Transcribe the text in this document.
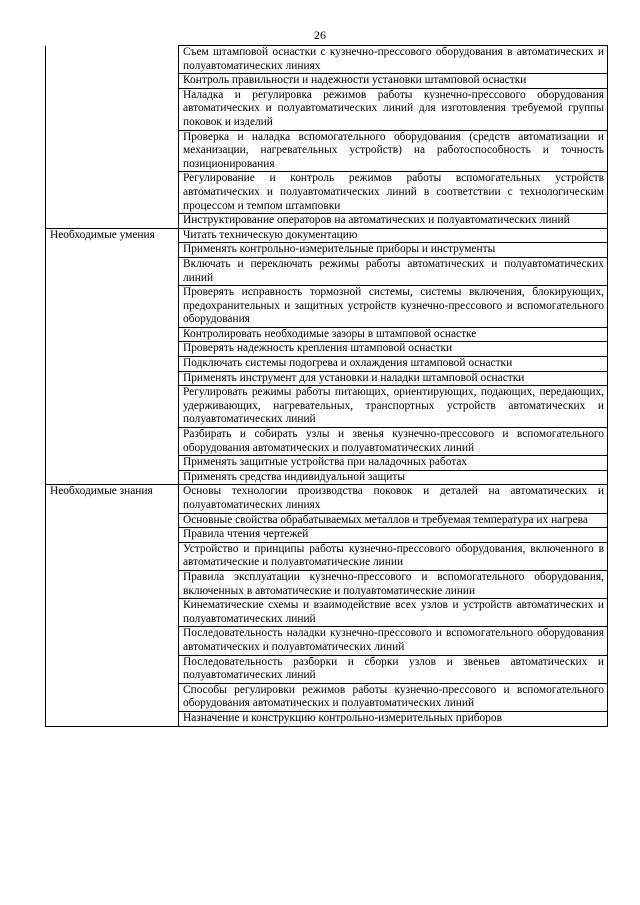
26
	Съем штамповой оснастки с кузнечно-прессового оборудования в автоматических и полуавтоматических линиях
	Контроль правильности и надежности установки штамповой оснастки
	Наладка и регулировка режимов работы кузнечно-прессового оборудования автоматических и полуавтоматических линий для изготовления требуемой группы поковок и изделий
	Проверка и наладка вспомогательного оборудования (средств автоматизации и механизации, нагревательных устройств) на работоспособность и точность позиционирования
	Регулирование и контроль режимов работы вспомогательных устройств автоматических и полуавтоматических линий в соответствии с технологическим процессом и темпом штамповки
	Инструктирование операторов на автоматических и полуавтоматических линий
Необходимые умения	Читать техническую документацию
	Применять контрольно-измерительные приборы и инструменты
	Включать и переключать режимы работы автоматических и полуавтоматических линий
	Проверять исправность тормозной системы, системы включения, блокирующих, предохранительных и защитных устройств кузнечно-прессового и вспомогательного оборудования
	Контролировать необходимые зазоры в штамповой оснастке
	Проверять надежность крепления штамповой оснастки
	Подключать системы подогрева и охлаждения штамповой оснастки
	Применять инструмент для установки и наладки штамповой оснастки
	Регулировать режимы работы питающих, ориентирующих, подающих, передающих, удерживающих, нагревательных, транспортных устройств автоматических и полуавтоматических линий
	Разбирать и собирать узлы и звенья кузнечно-прессового и вспомогательного оборудования автоматических и полуавтоматических линий
	Применять защитные устройства при наладочных работах
	Применять средства индивидуальной защиты
Необходимые знания	Основы технологии производства поковок и деталей на автоматических и полуавтоматических линиях
	Основные свойства обрабатываемых металлов и требуемая температура их нагрева
	Правила чтения чертежей
	Устройство и принципы работы кузнечно-прессового оборудования, включенного в автоматические и полуавтоматические линии
	Правила эксплуатации кузнечно-прессового и вспомогательного оборудования, включенных в автоматические и полуавтоматические линии
	Кинематические схемы и взаимодействие всех узлов и устройств автоматических и полуавтоматических линий
	Последовательность наладки кузнечно-прессового и вспомогательного оборудования автоматических и полуавтоматических линий
	Последовательность разборки и сборки узлов и звеньев автоматических и полуавтоматических линий
	Способы регулировки режимов работы кузнечно-прессового и вспомогательного оборудования автоматических и полуавтоматических линий
	Назначение и конструкцию контрольно-измерительных приборов
